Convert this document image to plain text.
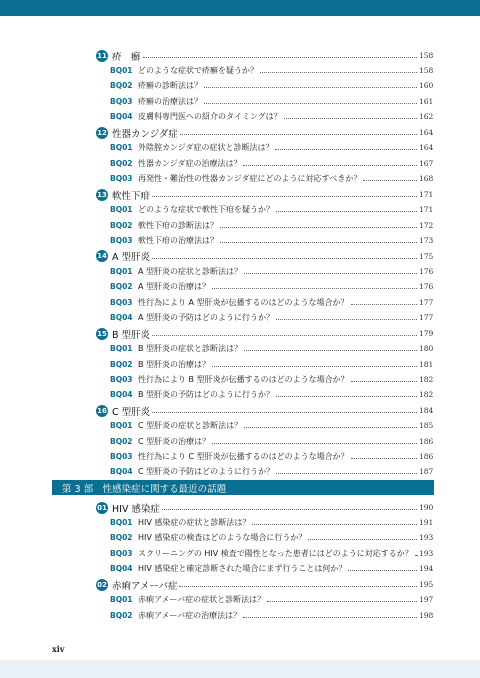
11 疥　癬	158
BQ01 どのような症状で疥癬を疑うか？	158
BQ02 疥癬の診断法は？	160
BQ03 疥癬の治療法は？	161
BQ04 皮膚科専門医への紹介のタイミングは？	162
12 性器カンジダ症	164
BQ01 外陰腟カンジダ症の症状と診断法は？	164
BQ02 性器カンジダ症の治療法は？	167
BQ03 再発性・難治性の性器カンジダ症にどのように対応すべきか？	168
13 軟性下疳	171
BQ01 どのような症状で軟性下疳を疑うか？	171
BQ02 軟性下疳の診断法は？	172
BQ03 軟性下疳の治療法は？	173
14 A 型肝炎	175
BQ01 A 型肝炎の症状と診断法は？	176
BQ02 A 型肝炎の治療は？	176
BQ03 性行為により A 型肝炎が伝播するのはどのような場合か？	177
BQ04 A 型肝炎の予防はどのように行うか？	177
15 B 型肝炎	179
BQ01 B 型肝炎の症状と診断法は？	180
BQ02 B 型肝炎の治療は？	181
BQ03 性行為により B 型肝炎が伝播するのはどのような場合か？	182
BQ04 B 型肝炎の予防はどのように行うか？	182
16 C 型肝炎	184
BQ01 C 型肝炎の症状と診断法は？	185
BQ02 C 型肝炎の治療は？	186
BQ03 性行為により C 型肝炎が伝播するのはどのような場合か？	186
BQ04 C 型肝炎の予防はどのように行うか？	187
第 3 部　性感染症に関する最近の話題
01 HIV 感染症	190
BQ01 HIV 感染症の症状と診断法は？	191
BQ02 HIV 感染症の検査はどのような場合に行うか？	193
BQ03 スクリーニングの HIV 検査で陽性となった患者にはどのように対応するか？ 193
BQ04 HIV 感染症と確定診断された場合にまず行うことは何か？	194
02 赤痢アメーバ症	195
BQ01 赤痢アメーバ症の症状と診断法は？	197
BQ02 赤痢アメーバ症の治療法は？	198
xiv
